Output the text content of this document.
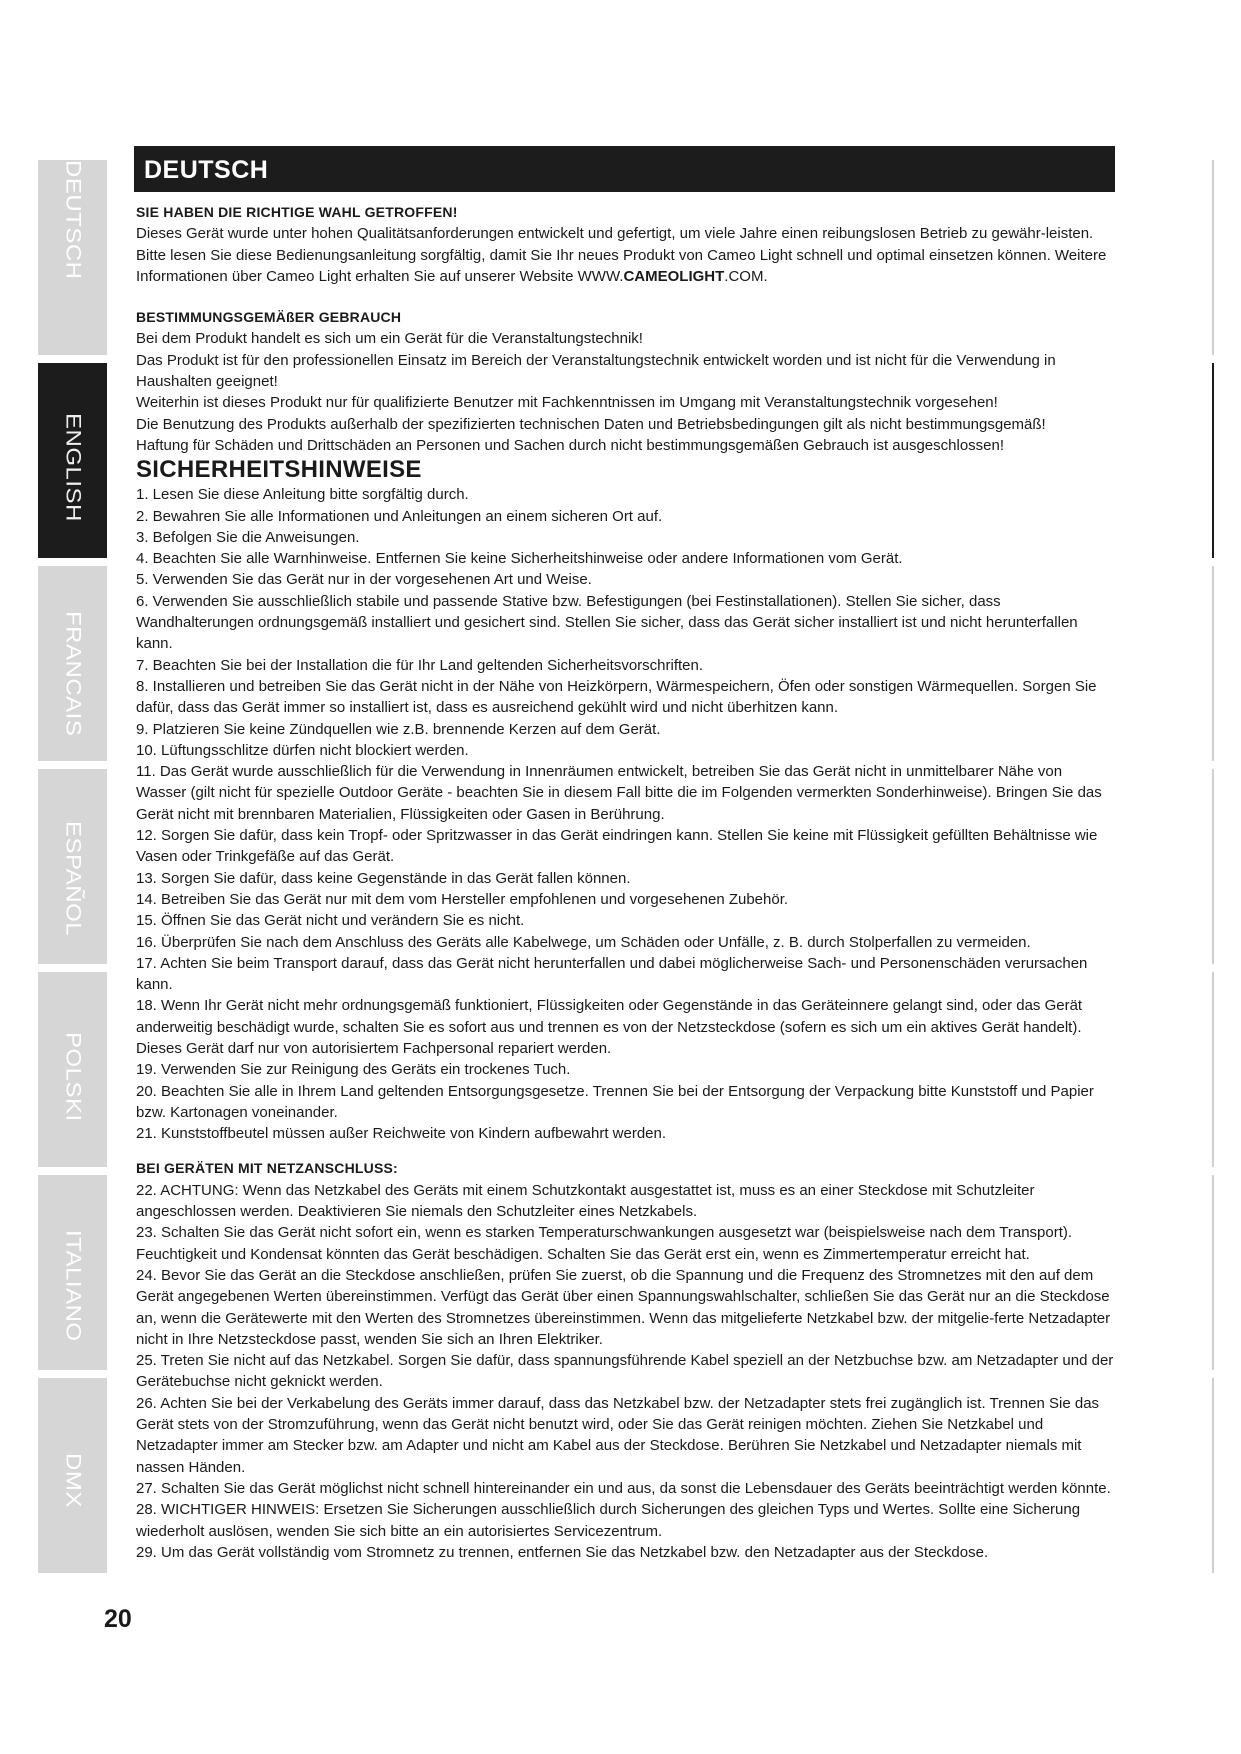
DEUTSCH
ENGLISH
FRANCAIS
ESPAÑOL
POLSKI
ITALIANO
DMX
DEUTSCH

SIE HABEN DIE RICHTIGE WAHL GETROFFEN!

Dieses Gerät wurde unter hohen Qualitätsanforderungen entwickelt und gefertigt, um viele Jahre einen reibungslosen Betrieb zu gewähr-leisten. Bitte lesen Sie diese Bedienungsanleitung sorgfältig, damit Sie Ihr neues Produkt von Cameo Light schnell und optimal einsetzen können. Weitere Informationen über Cameo Light erhalten Sie auf unserer Website WWW.CAMEOLIGHT.COM.

BESTIMMUNGSGEMÄßER GEBRAUCH

Bei dem Produkt handelt es sich um ein Gerät für die Veranstaltungstechnik!

Das Produkt ist für den professionellen Einsatz im Bereich der Veranstaltungstechnik entwickelt worden und ist nicht für die Verwendung in Haushalten geeignet!

Weiterhin ist dieses Produkt nur für qualifizierte Benutzer mit Fachkenntnissen im Umgang mit Veranstaltungstechnik vorgesehen!

Die Benutzung des Produkts außerhalb der spezifizierten technischen Daten und Betriebsbedingungen gilt als nicht bestimmungsgemäß!

Haftung für Schäden und Drittschäden an Personen und Sachen durch nicht bestimmungsgemäßen Gebrauch ist ausgeschlossen!

SICHERHEITSHINWEISE

1. Lesen Sie diese Anleitung bitte sorgfältig durch.

2. Bewahren Sie alle Informationen und Anleitungen an einem sicheren Ort auf.

3. Befolgen Sie die Anweisungen.

4. Beachten Sie alle Warnhinweise. Entfernen Sie keine Sicherheitshinweise oder andere Informationen vom Gerät.

5. Verwenden Sie das Gerät nur in der vorgesehenen Art und Weise.

6. Verwenden Sie ausschließlich stabile und passende Stative bzw. Befestigungen (bei Festinstallationen). Stellen Sie sicher, dass Wandhalterungen ordnungsgemäß installiert und gesichert sind. Stellen Sie sicher, dass das Gerät sicher installiert ist und nicht herunterfallen kann.

7. Beachten Sie bei der Installation die für Ihr Land geltenden Sicherheitsvorschriften.

8. Installieren und betreiben Sie das Gerät nicht in der Nähe von Heizkörpern, Wärmespeichern, Öfen oder sonstigen Wärmequellen. Sorgen Sie dafür, dass das Gerät immer so installiert ist, dass es ausreichend gekühlt wird und nicht überhitzen kann.

9. Platzieren Sie keine Zündquellen wie z.B. brennende Kerzen auf dem Gerät.

10. Lüftungsschlitze dürfen nicht blockiert werden.

11. Das Gerät wurde ausschließlich für die Verwendung in Innenräumen entwickelt, betreiben Sie das Gerät nicht in unmittelbarer Nähe von Wasser (gilt nicht für spezielle Outdoor Geräte - beachten Sie in diesem Fall bitte die im Folgenden vermerkten Sonderhinweise). Bringen Sie das Gerät nicht mit brennbaren Materialien, Flüssigkeiten oder Gasen in Berührung.

12. Sorgen Sie dafür, dass kein Tropf- oder Spritzwasser in das Gerät eindringen kann. Stellen Sie keine mit Flüssigkeit gefüllten Behältnisse wie Vasen oder Trinkgefäße auf das Gerät.

13. Sorgen Sie dafür, dass keine Gegenstände in das Gerät fallen können.

14. Betreiben Sie das Gerät nur mit dem vom Hersteller empfohlenen und vorgesehenen Zubehör.

15. Öffnen Sie das Gerät nicht und verändern Sie es nicht.

16. Überprüfen Sie nach dem Anschluss des Geräts alle Kabelwege, um Schäden oder Unfälle, z. B. durch Stolperfallen zu vermeiden.

17. Achten Sie beim Transport darauf, dass das Gerät nicht herunterfallen und dabei möglicherweise Sach- und Personenschäden verursachen kann.

18. Wenn Ihr Gerät nicht mehr ordnungsgemäß funktioniert, Flüssigkeiten oder Gegenstände in das Geräteinnere gelangt sind, oder das Gerät anderweitig beschädigt wurde, schalten Sie es sofort aus und trennen es von der Netzsteckdose (sofern es sich um ein aktives Gerät handelt). Dieses Gerät darf nur von autorisiertem Fachpersonal repariert werden.

19. Verwenden Sie zur Reinigung des Geräts ein trockenes Tuch.

20. Beachten Sie alle in Ihrem Land geltenden Entsorgungsgesetze. Trennen Sie bei der Entsorgung der Verpackung bitte Kunststoff und Papier bzw. Kartonagen voneinander.

21. Kunststoffbeutel müssen außer Reichweite von Kindern aufbewahrt werden.

BEI GERÄTEN MIT NETZANSCHLUSS:

22. ACHTUNG: Wenn das Netzkabel des Geräts mit einem Schutzkontakt ausgestattet ist, muss es an einer Steckdose mit Schutzleiter angeschlossen werden. Deaktivieren Sie niemals den Schutzleiter eines Netzkabels.

23. Schalten Sie das Gerät nicht sofort ein, wenn es starken Temperaturschwankungen ausgesetzt war (beispielsweise nach dem Transport). Feuchtigkeit und Kondensat könnten das Gerät beschädigen. Schalten Sie das Gerät erst ein, wenn es Zimmertemperatur erreicht hat.

24. Bevor Sie das Gerät an die Steckdose anschließen, prüfen Sie zuerst, ob die Spannung und die Frequenz des Stromnetzes mit den auf dem Gerät angegebenen Werten übereinstimmen. Verfügt das Gerät über einen Spannungswahlschalter, schließen Sie das Gerät nur an die Steckdose an, wenn die Gerätewerte mit den Werten des Stromnetzes übereinstimmen. Wenn das mitgelieferte Netzkabel bzw. der mitgelie-ferte Netzadapter nicht in Ihre Netzsteckdose passt, wenden Sie sich an Ihren Elektriker.

25. Treten Sie nicht auf das Netzkabel. Sorgen Sie dafür, dass spannungsführende Kabel speziell an der Netzbuchse bzw. am Netzadapter und der Gerätebuchse nicht geknickt werden.

26. Achten Sie bei der Verkabelung des Geräts immer darauf, dass das Netzkabel bzw. der Netzadapter stets frei zugänglich ist. Trennen Sie das Gerät stets von der Stromzuführung, wenn das Gerät nicht benutzt wird, oder Sie das Gerät reinigen möchten. Ziehen Sie Netzkabel und Netzadapter immer am Stecker bzw. am Adapter und nicht am Kabel aus der Steckdose. Berühren Sie Netzkabel und Netzadapter niemals mit nassen Händen.

27. Schalten Sie das Gerät möglichst nicht schnell hintereinander ein und aus, da sonst die Lebensdauer des Geräts beeinträchtigt werden könnte.

28. WICHTIGER HINWEIS: Ersetzen Sie Sicherungen ausschließlich durch Sicherungen des gleichen Typs und Wertes. Sollte eine Sicherung wiederholt auslösen, wenden Sie sich bitte an ein autorisiertes Servicezentrum.

29. Um das Gerät vollständig vom Stromnetz zu trennen, entfernen Sie das Netzkabel bzw. den Netzadapter aus der Steckdose.

20
